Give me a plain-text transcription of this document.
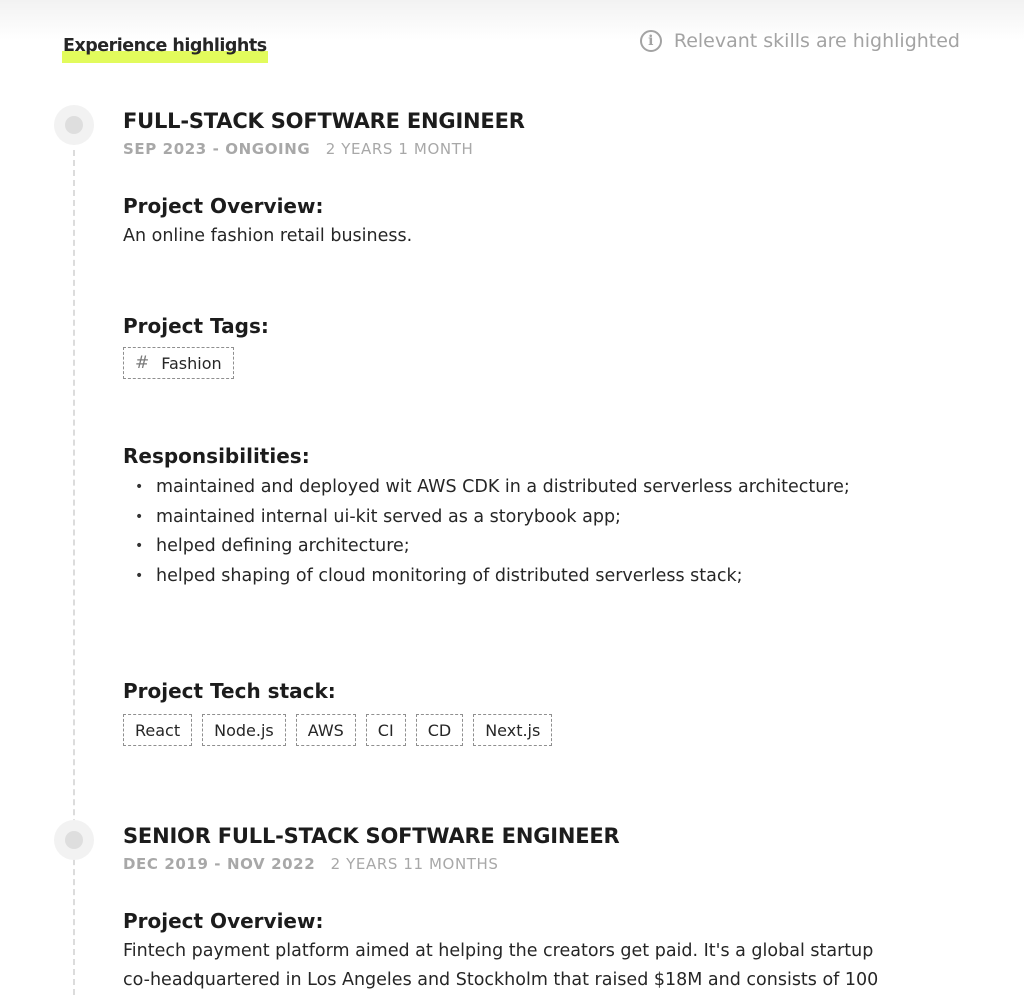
Experience highlights	i	Relevant skills are highlighted
FULL-STACK SOFTWARE ENGINEER
SEP 2023 - ONGOING 2 YEARS 1 MONTH
Project Overview:
An online fashion retail business.
Project Tags:
# Fashion
Responsibilities:
• maintained and deployed wit AWS CDK in a distributed serverless architecture;
• maintained internal ui-kit served as a storybook app;
• helped defining architecture;
• helped shaping of cloud monitoring of distributed serverless stack;
Project Tech stack:
React	Node.js	AWS	CI	CD	Next.js
SENIOR FULL-STACK SOFTWARE ENGINEER
DEC 2019 - NOV 2022 2 YEARS 11 MONTHS
Project Overview:
Fintech payment platform aimed at helping the creators get paid. It's a global startup
co-headquartered in Los Angeles and Stockholm that raised $18M and consists of 100
